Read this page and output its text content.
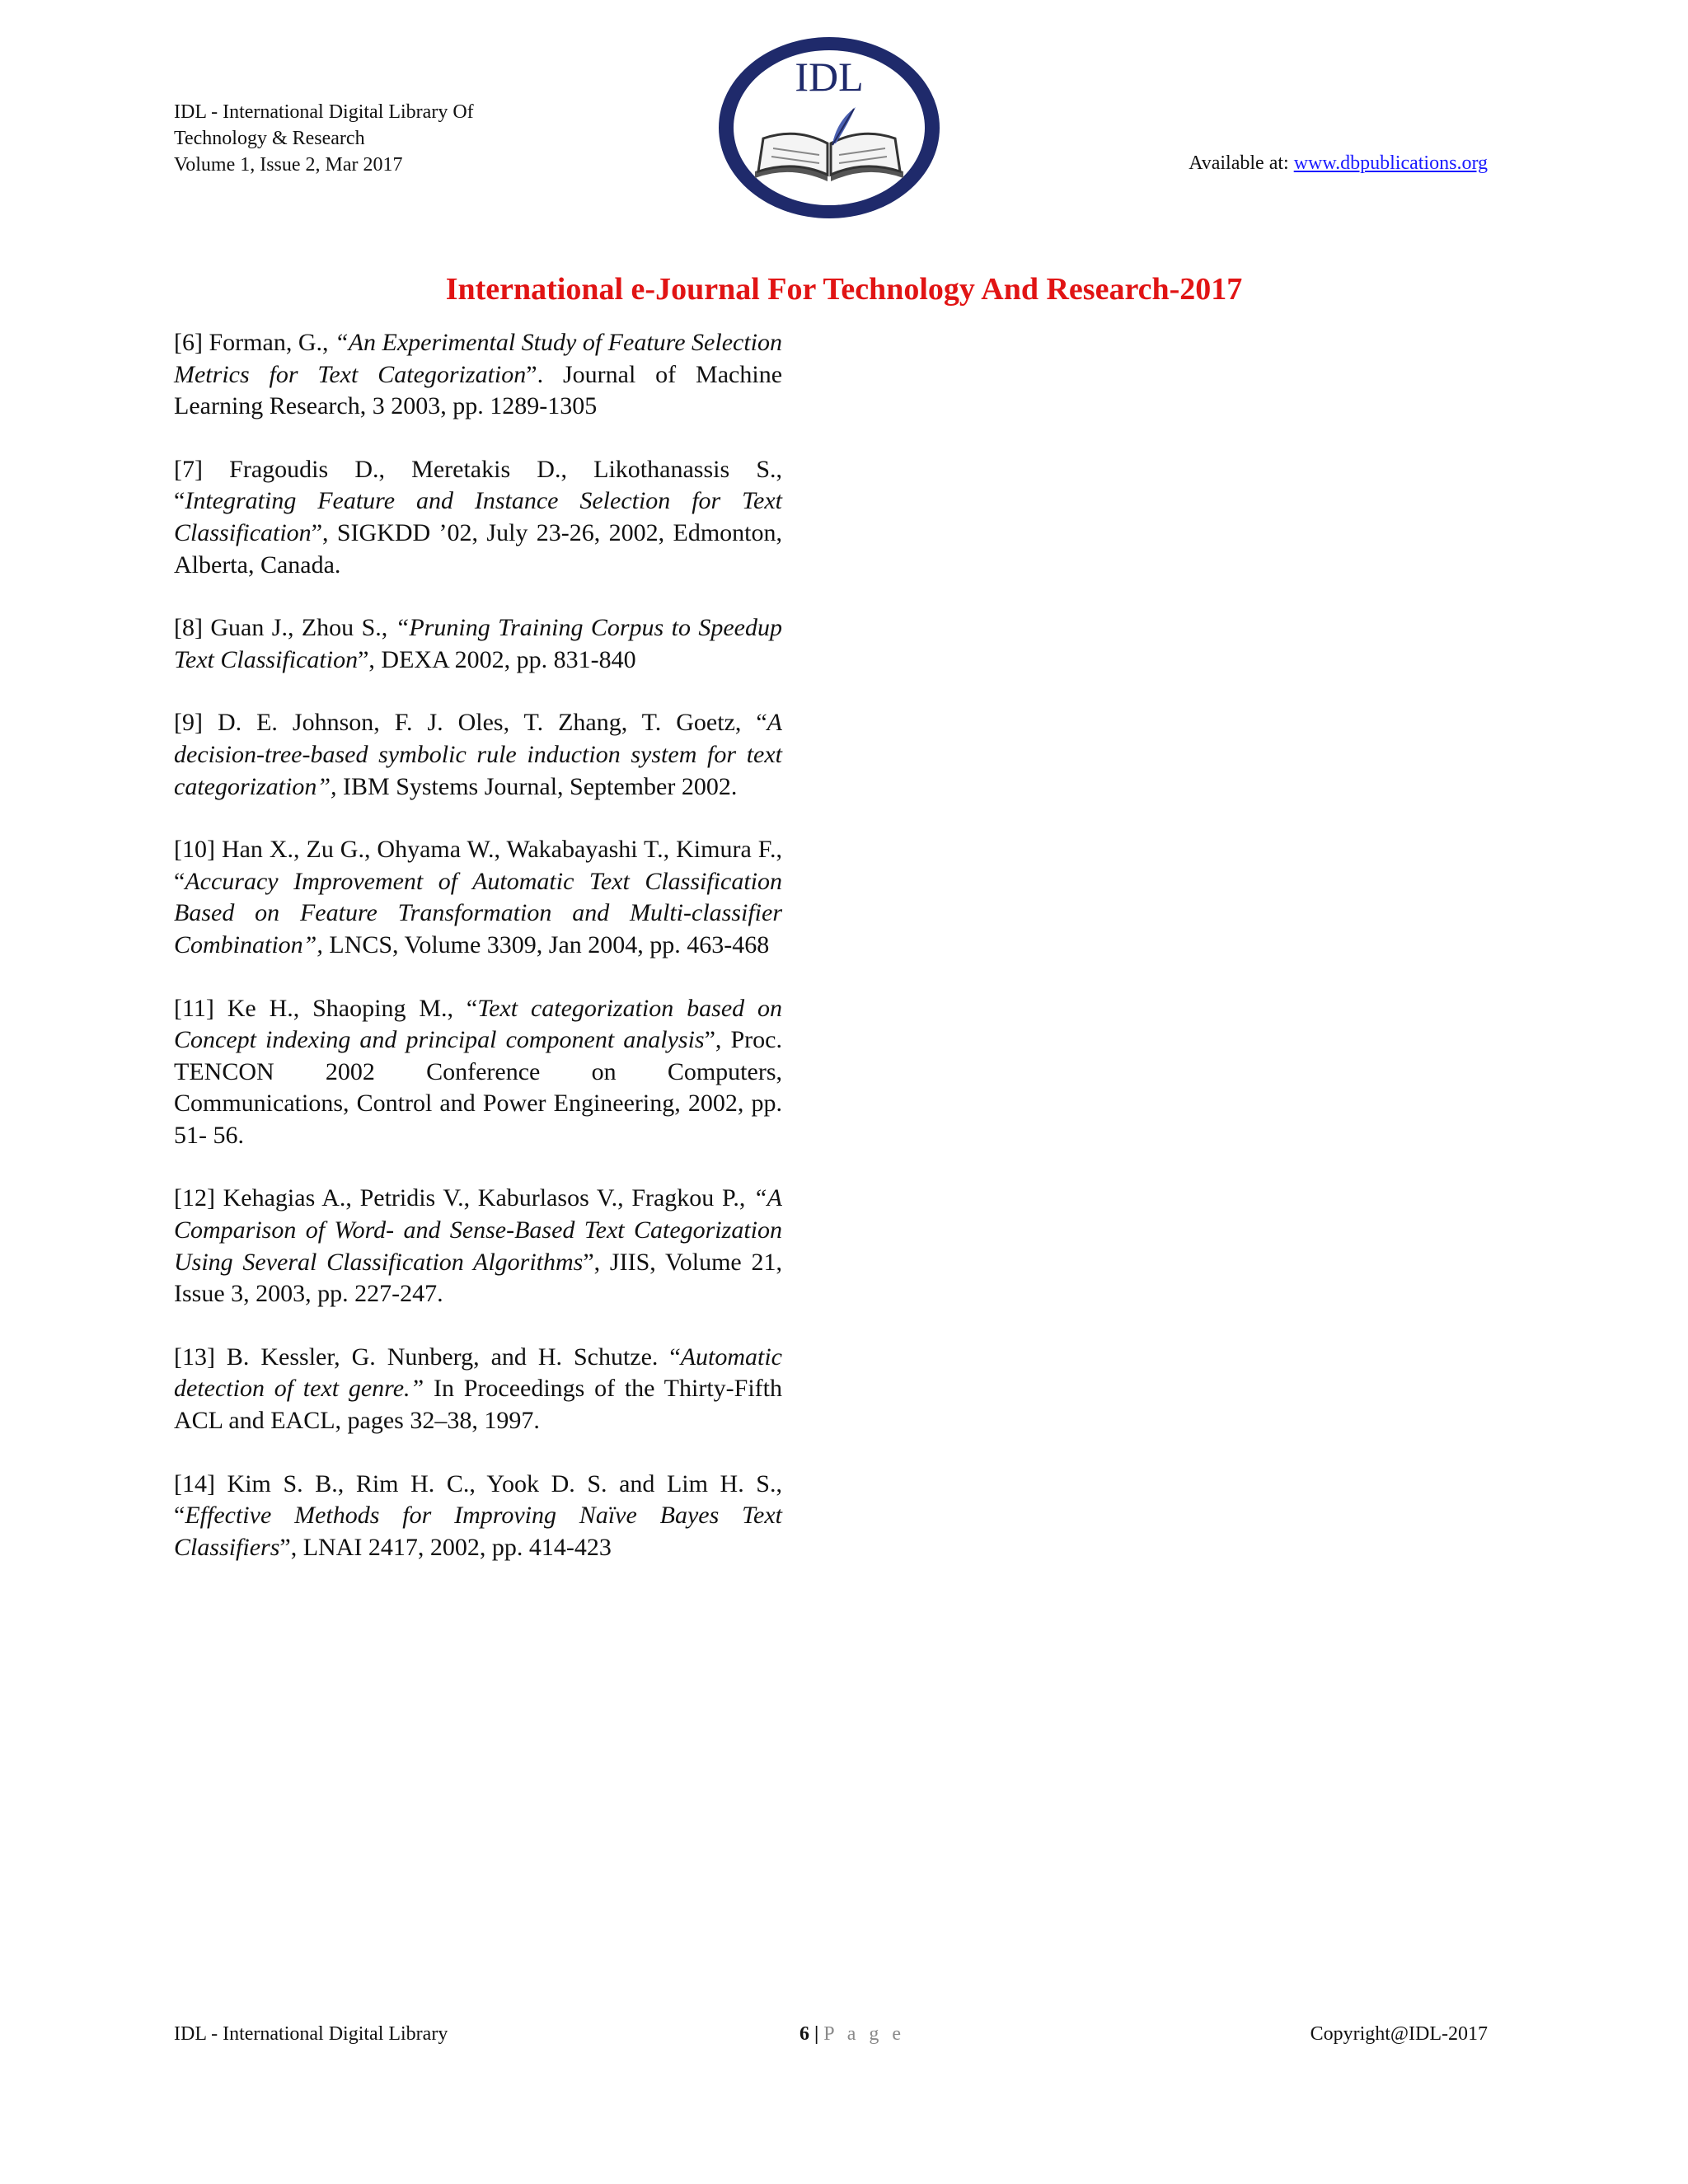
IDL - International Digital Library Of
Technology & Research
Volume 1, Issue 2, Mar 2017
IDL
Available at: www.dbpublications.org
International e-Journal For Technology And Research-2017

[6] Forman, G., “An Experimental Study of Feature Selection Metrics for Text Categorization”. Journal of Machine Learning Research, 3 2003, pp. 1289-1305

[7] Fragoudis D., Meretakis D., Likothanassis S., “Integrating Feature and Instance Selection for Text Classification”, SIGKDD ’02, July 23-26, 2002, Edmonton, Alberta, Canada.

[8] Guan J., Zhou S., “Pruning Training Corpus to Speedup Text Classification”, DEXA 2002, pp. 831-840

[9] D. E. Johnson, F. J. Oles, T. Zhang, T. Goetz, “A decision-tree-based symbolic rule induction system for text categorization”, IBM Systems Journal, September 2002.

[10] Han X., Zu G., Ohyama W., Wakabayashi T., Kimura F., “Accuracy Improvement of Automatic Text Classification Based on Feature Transformation and Multi-classifier Combination”, LNCS, Volume 3309, Jan 2004, pp. 463-468

[11] Ke H., Shaoping M., “Text categorization based on Concept indexing and principal component analysis”, Proc. TENCON 2002 Conference on Computers, Communications, Control and Power Engineering, 2002, pp. 51- 56.

[12] Kehagias A., Petridis V., Kaburlasos V., Fragkou P., “A Comparison of Word- and Sense-Based Text Categorization Using Several Classification Algorithms”, JIIS, Volume 21, Issue 3, 2003, pp. 227-247.

[13] B. Kessler, G. Nunberg, and H. Schutze. “Automatic detection of text genre.” In Proceedings of the Thirty-Fifth ACL and EACL, pages 32–38, 1997.

[14] Kim S. B., Rim H. C., Yook D. S. and Lim H. S., “Effective Methods for Improving Naïve Bayes Text Classifiers”, LNAI 2417, 2002, pp. 414-423

IDL - International Digital Library	6 | P a g e	Copyright@IDL-2017
